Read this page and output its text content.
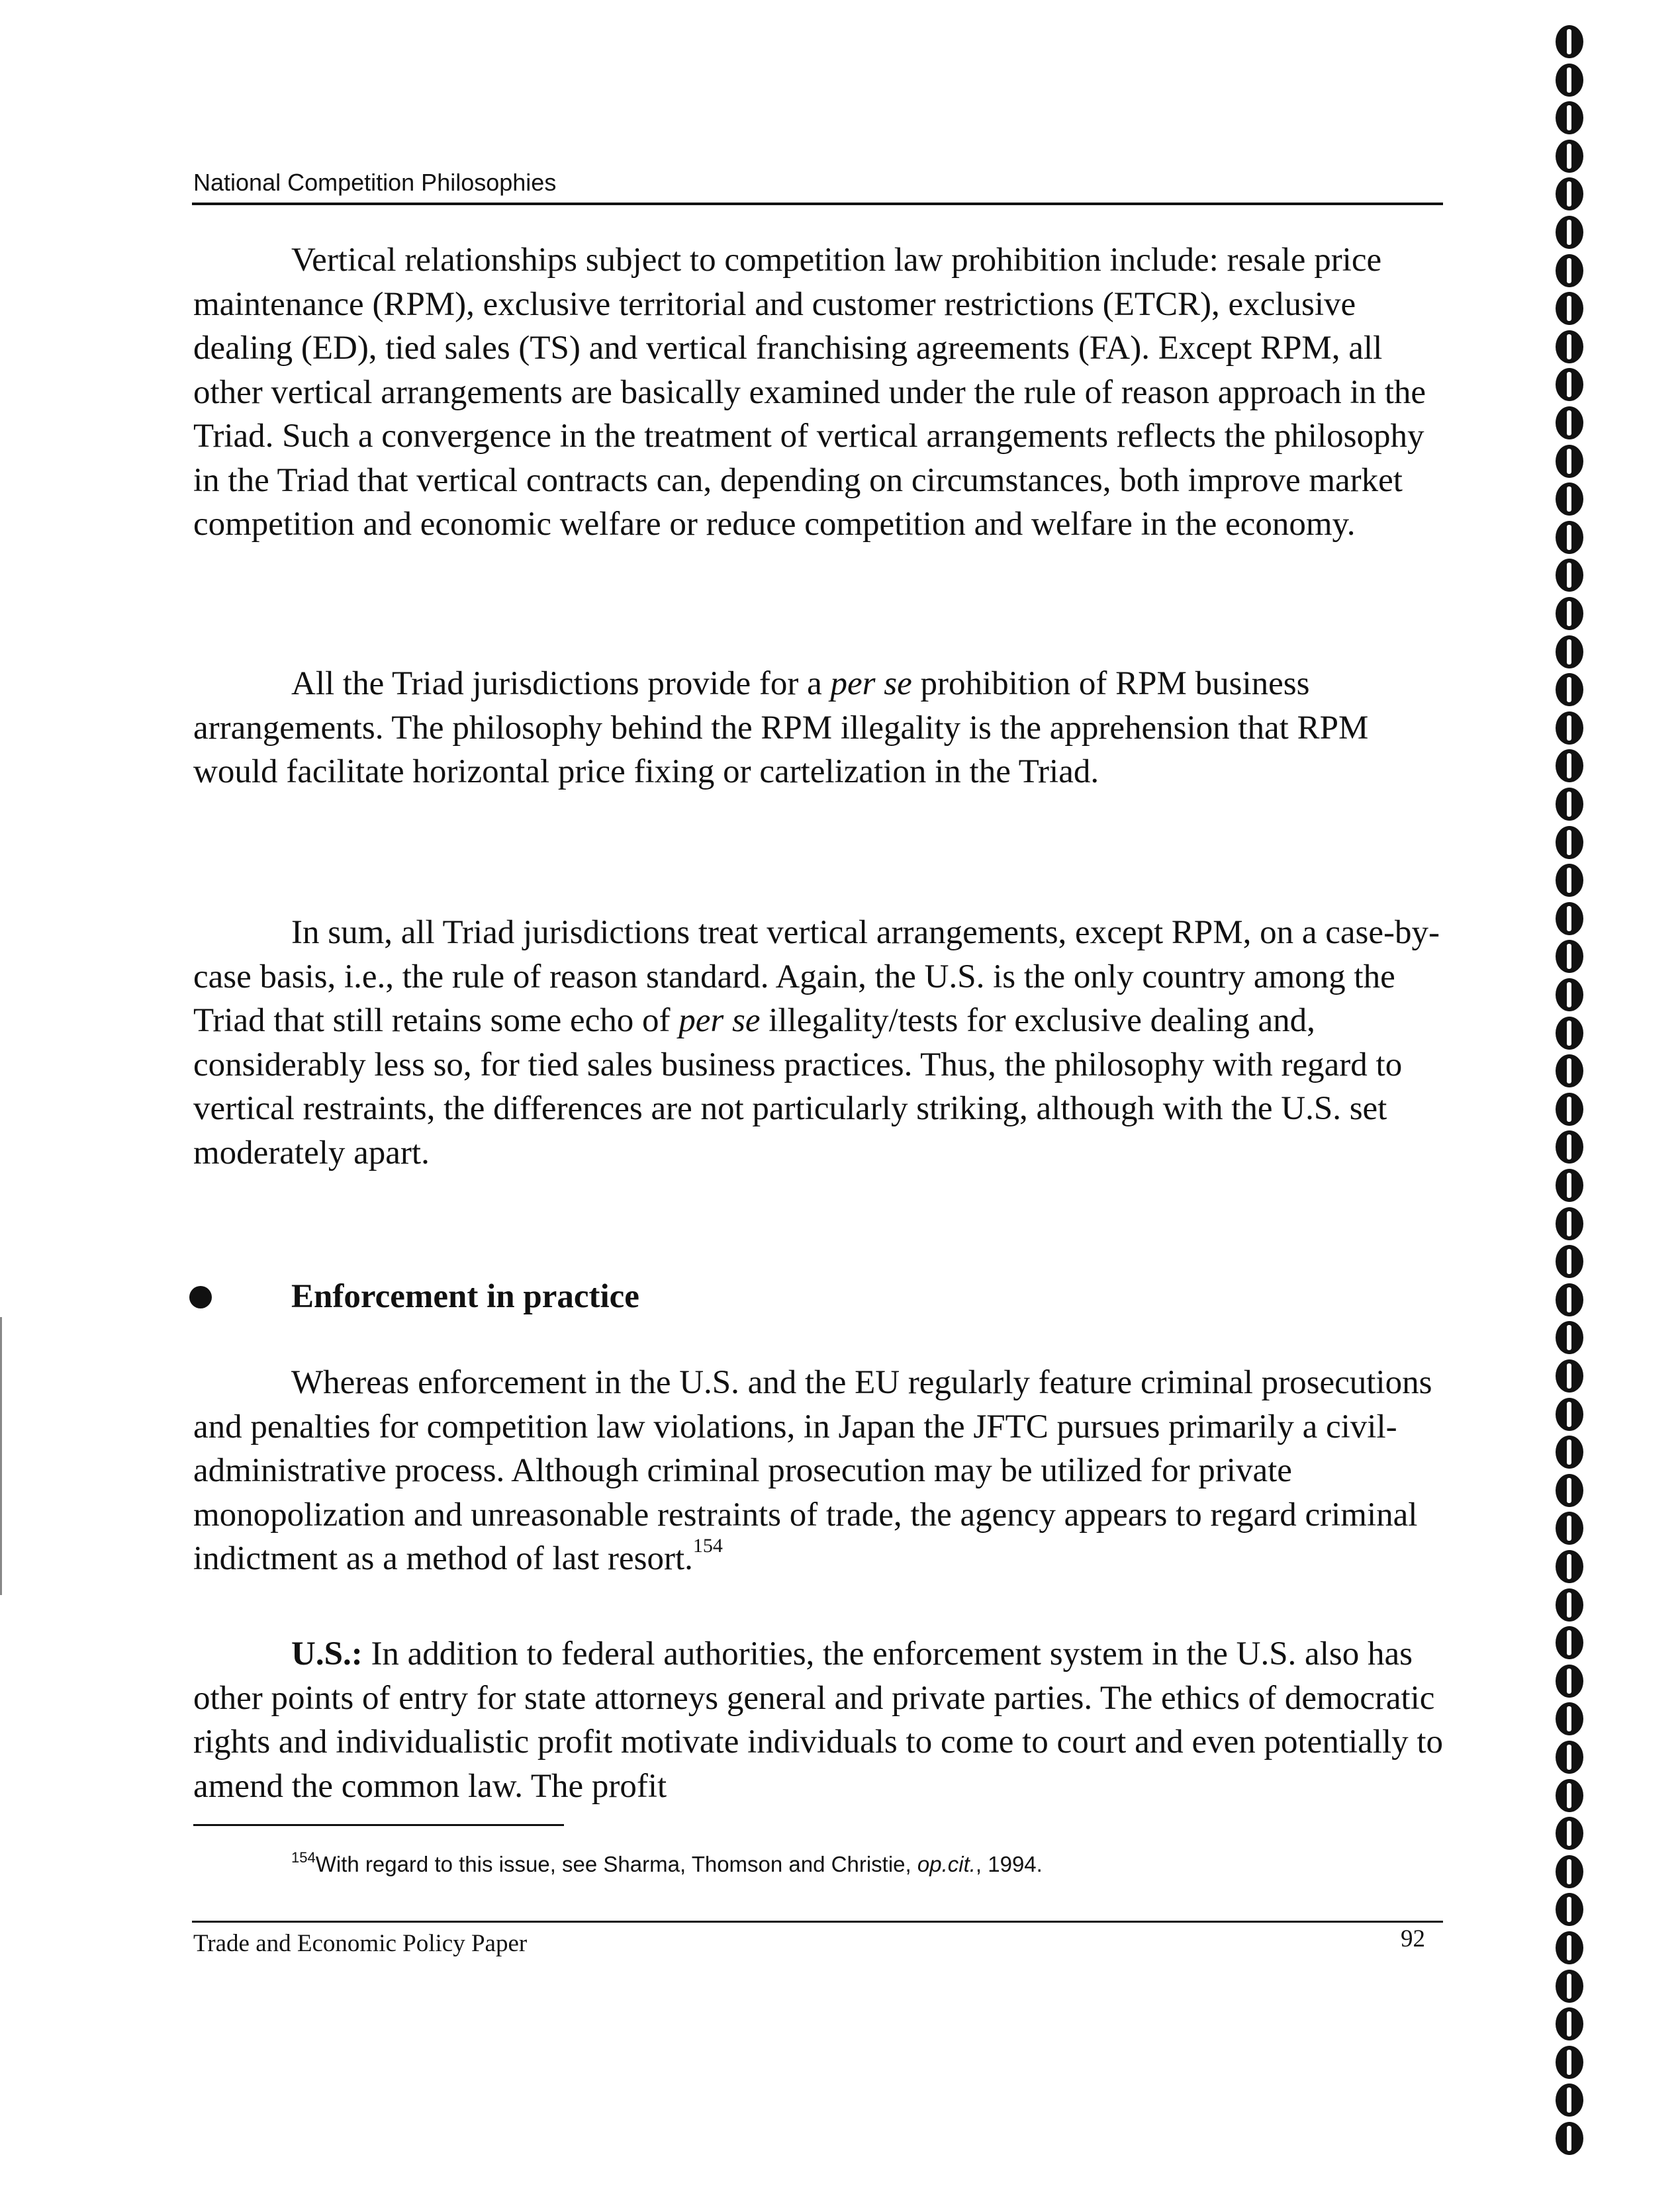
National Competition Philosophies

Vertical relationships subject to competition law prohibition include: resale price maintenance (RPM), exclusive territorial and customer restrictions (ETCR), exclusive dealing (ED), tied sales (TS) and vertical franchising agreements (FA). Except RPM, all other vertical arrangements are basically examined under the rule of reason approach in the Triad. Such a convergence in the treatment of vertical arrangements reflects the philosophy in the Triad that vertical contracts can, depending on circumstances, both improve market competition and economic welfare or reduce competition and welfare in the economy.

All the Triad jurisdictions provide for a per se prohibition of RPM business arrangements. The philosophy behind the RPM illegality is the apprehension that RPM would facilitate horizontal price fixing or cartelization in the Triad.

In sum, all Triad jurisdictions treat vertical arrangements, except RPM, on a case-by-case basis, i.e., the rule of reason standard. Again, the U.S. is the only country among the Triad that still retains some echo of per se illegality/tests for exclusive dealing and, considerably less so, for tied sales business practices. Thus, the philosophy with regard to vertical restraints, the differences are not particularly striking, although with the U.S. set moderately apart.

Enforcement in practice

Whereas enforcement in the U.S. and the EU regularly feature criminal prosecutions and penalties for competition law violations, in Japan the JFTC pursues primarily a civil-administrative process. Although criminal prosecution may be utilized for private monopolization and unreasonable restraints of trade, the agency appears to regard criminal indictment as a method of last resort.$^{154}$

U.S.: In addition to federal authorities, the enforcement system in the U.S. also has other points of entry for state attorneys general and private parties. The ethics of democratic rights and individualistic profit motivate individuals to come to court and even potentially to amend the common law. The profit

$^{154}$With regard to this issue, see Sharma, Thomson and Christie, op.cit., 1994.
Trade and Economic Policy Paper	92
